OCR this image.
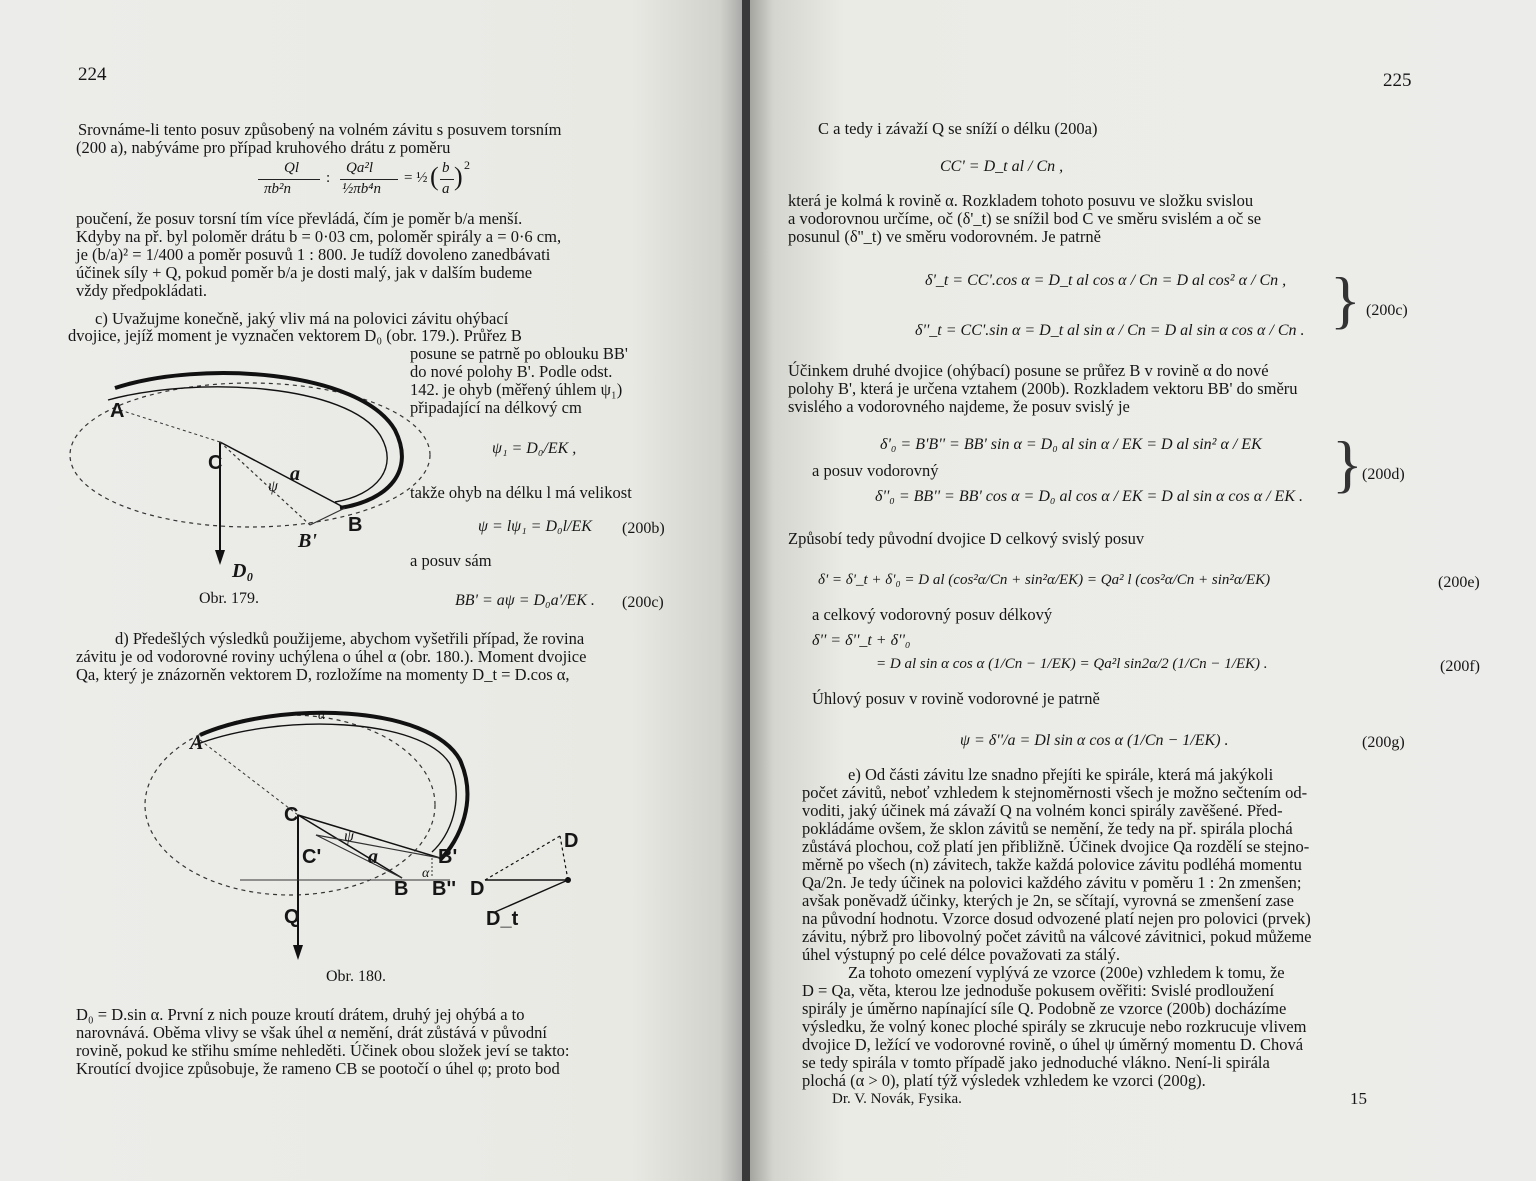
224
Srovnáme-li tento posuv způsobený na volném závitu s posuvem torsním
(200 a), nabýváme pro případ kruhového drátu z poměru
Ql
πb²n
:
Qa²l
½πb⁴n
= ½ ( b
a ) 2
poučení, že posuv torsní tím více převládá, čím je poměr b/a menší.
Kdyby na př. byl poloměr drátu b = 0·03 cm, poloměr spirály a = 0·6 cm,
je (b/a)² = 1/400 a poměr posuvů 1 : 800. Je tudíž dovoleno zanedbávati
účinek síly + Q, pokud poměr b/a je dosti malý, jak v dalším budeme
vždy předpokládati.
c) Uvažujme konečně, jaký vliv má na polovici závitu ohýbací
dvojice, jejíž moment je vyznačen vektorem D₀ (obr. 179.). Průřez B
posune se patrně po oblouku BB'
do nové polohy B'. Podle odst.
142. je ohyb (měřený úhlem ψ₁)
připadající na délkový cm
ψ₁ = D₀/EK ,
takže ohyb na délku l má velikost
ψ = lψ₁ = D₀l/EK (200b)
a posuv sám
BB' = aψ = D₀a'/EK . (200c)
A
C	a
ψ
B
B'
D₀
Obr. 179.
d) Předešlých výsledků použijeme, abychom vyšetřili případ, že rovina
závitu je od vodorovné roviny uchýlena o úhel α (obr. 180.). Moment dvojice
Qa, který je znázorněn vektorem D, rozložíme na momenty D_t = D.cos α,
A
C
C' a
ψ
B'
B B'' D
D
D_t
Q
α
α
Obr. 180.
D₀ = D.sin α. První z nich pouze kroutí drátem, druhý jej ohýbá a to
narovnává. Oběma vlivy se však úhel α nemění, drát zůstává v původní
rovině, pokud ke střihu smíme nehleděti. Účinek obou složek jeví se takto:
Kroutící dvojice způsobuje, že rameno CB se pootočí o úhel φ; proto bod
225
C a tedy i závaží Q se sníží o délku (200a)
CC' = D_t al / Cn ,
která je kolmá k rovině α. Rozkladem tohoto posuvu ve složku svislou
a vodorovnou určíme, oč (δ'_t) se snížil bod C ve směru svislém a oč se
posunul (δ''_t) ve směru vodorovném. Je patrně
δ'_t = CC'.cos α = D_t al cos α / Cn = D al cos² α / Cn ,
δ''_t = CC'.sin α = D_t al sin α / Cn = D al sin α cos α / Cn . } (200c)
Účinkem druhé dvojice (ohýbací) posune se průřez B v rovině α do nové
polohy B', která je určena vztahem (200b). Rozkladem vektoru BB' do směru
svislého a vodorovného najdeme, že posuv svislý je
δ'₀ = B'B'' = BB' sin α = D₀ al sin α / EK = D al sin² α / EK
a posuv vodorovný
δ''₀ = BB'' = BB' cos α = D₀ al cos α / EK = D al sin α cos α / EK . } (200d)
Způsobí tedy původní dvojice D celkový svislý posuv
δ' = δ'_t + δ'₀ = D al (cos²α/Cn + sin²α/EK) = Qa² l (cos²α/Cn + sin²α/EK)	(200e)
a celkový vodorovný posuv délkový
δ'' = δ''_t + δ''₀
= D al sin α cos α (1/Cn − 1/EK) = Qa²l sin2α/2 (1/Cn − 1/EK) .	(200f)
Úhlový posuv v rovině vodorovné je patrně
ψ = δ''/a = Dl sin α cos α (1/Cn − 1/EK) .	(200g)
e) Od části závitu lze snadno přejíti ke spirále, která má jakýkoli
počet závitů, neboť vzhledem k stejnoměrnosti všech je možno sečtením od-
voditi, jaký účinek má závaží Q na volném konci spirály zavěšené. Před-
pokládáme ovšem, že sklon závitů se nemění, že tedy na př. spirála plochá
zůstává plochou, což platí jen přibližně. Účinek dvojice Qa rozdělí se stejno-
měrně po všech (n) závitech, takže každá polovice závitu podléhá momentu
Qa/2n. Je tedy účinek na polovici každého závitu v poměru 1 : 2n zmenšen;
avšak poněvadž účinky, kterých je 2n, se sčítají, vyrovná se zmenšení zase
na původní hodnotu. Vzorce dosud odvozené platí nejen pro polovici (prvek)
závitu, nýbrž pro libovolný počet závitů na válcové závitnici, pokud můžeme
úhel výstupný po celé délce považovati za stálý.
Za tohoto omezení vyplývá ze vzorce (200e) vzhledem k tomu, že
D = Qa, věta, kterou lze jednoduše pokusem ověřiti: Svislé prodloužení
spirály je úměrno napínající síle Q. Podobně ze vzorce (200b) docházíme
výsledku, že volný konec ploché spirály se zkrucuje nebo rozkrucuje vlivem
dvojice D, ležící ve vodorovné rovině, o úhel ψ úměrný momentu D. Chová
se tedy spirála v tomto případě jako jednoduché vlákno. Není-li spirála
plochá (α > 0), platí týž výsledek vzhledem ke vzorci (200g).
Dr. V. Novák, Fysika.	15
